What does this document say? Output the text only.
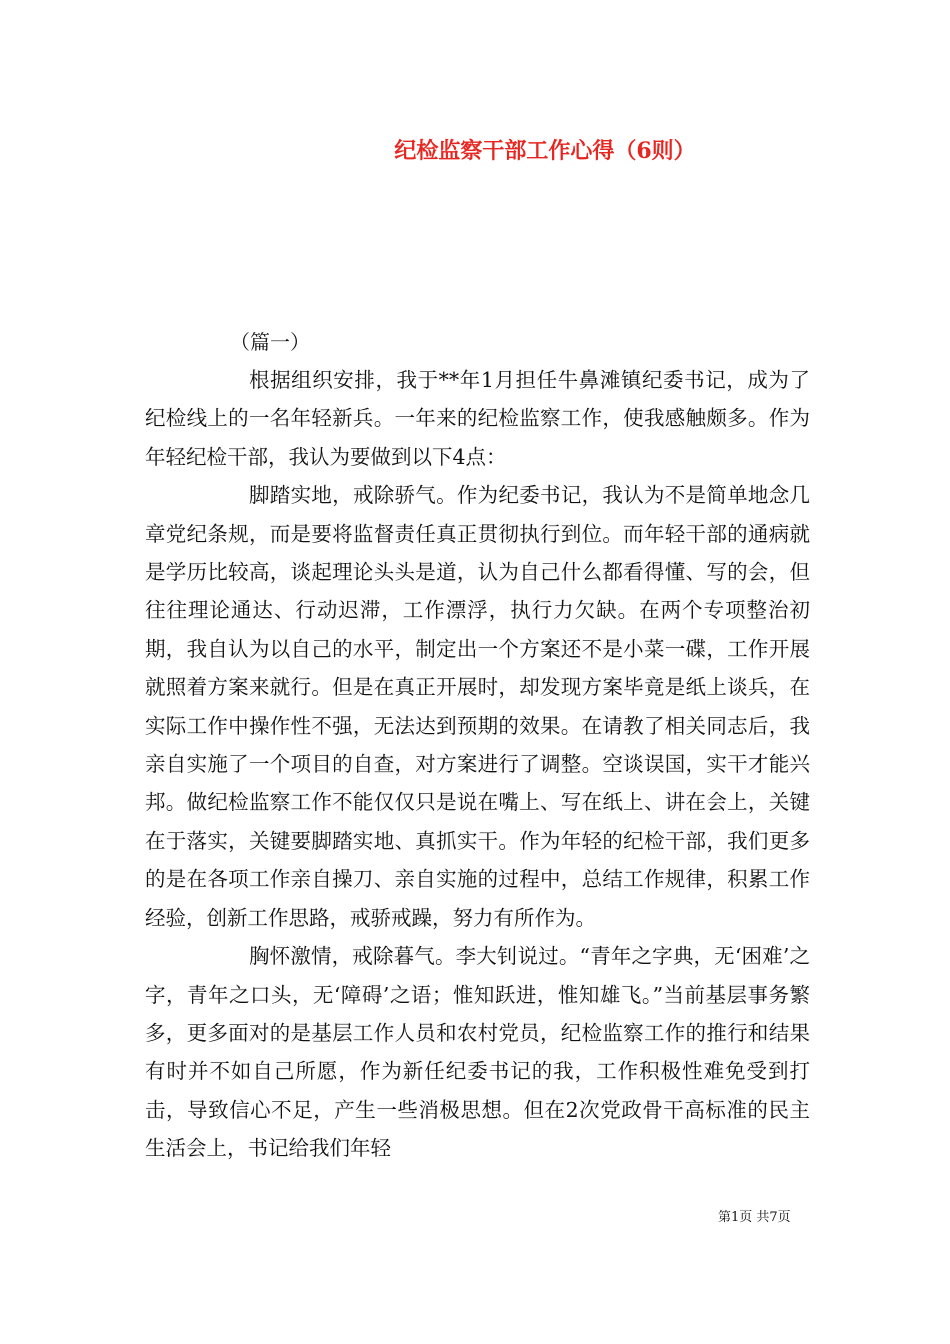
纪检监察干部工作心得（6则）
（篇一）

根据组织安排，我于**年1月担任牛鼻滩镇纪委书记，成为了纪检线上的一名年轻新兵。一年来的纪检监察工作，使我感触颇多。作为年轻纪检干部，我认为要做到以下4点：

脚踏实地，戒除骄气。作为纪委书记，我认为不是简单地念几章党纪条规，而是要将监督责任真正贯彻执行到位。而年轻干部的通病就是学历比较高，谈起理论头头是道，认为自己什么都看得懂、写的会，但往往理论通达、行动迟滞，工作漂浮，执行力欠缺。在两个专项整治初期，我自认为以自己的水平，制定出一个方案还不是小菜一碟，工作开展就照着方案来就行。但是在真正开展时，却发现方案毕竟是纸上谈兵，在实际工作中操作性不强，无法达到预期的效果。在请教了相关同志后，我亲自实施了一个项目的自查，对方案进行了调整。空谈误国，实干才能兴邦。做纪检监察工作不能仅仅只是说在嘴上、写在纸上、讲在会上，关键在于落实，关键要脚踏实地、真抓实干。作为年轻的纪检干部，我们更多的是在各项工作亲自操刀、亲自实施的过程中，总结工作规律，积累工作经验，创新工作思路，戒骄戒躁，努力有所作为。

胸怀激情，戒除暮气。李大钊说过。“青年之字典，无‘困难’之字，青年之口头，无‘障碍’之语；惟知跃进，惟知雄飞。”当前基层事务繁多，更多面对的是基层工作人员和农村党员，纪检监察工作的推行和结果有时并不如自己所愿，作为新任纪委书记的我，工作积极性难免受到打击，导致信心不足，产生一些消极思想。但在2次党政骨干高标准的民主生活会上，书记给我们年轻

第1页 共7页
